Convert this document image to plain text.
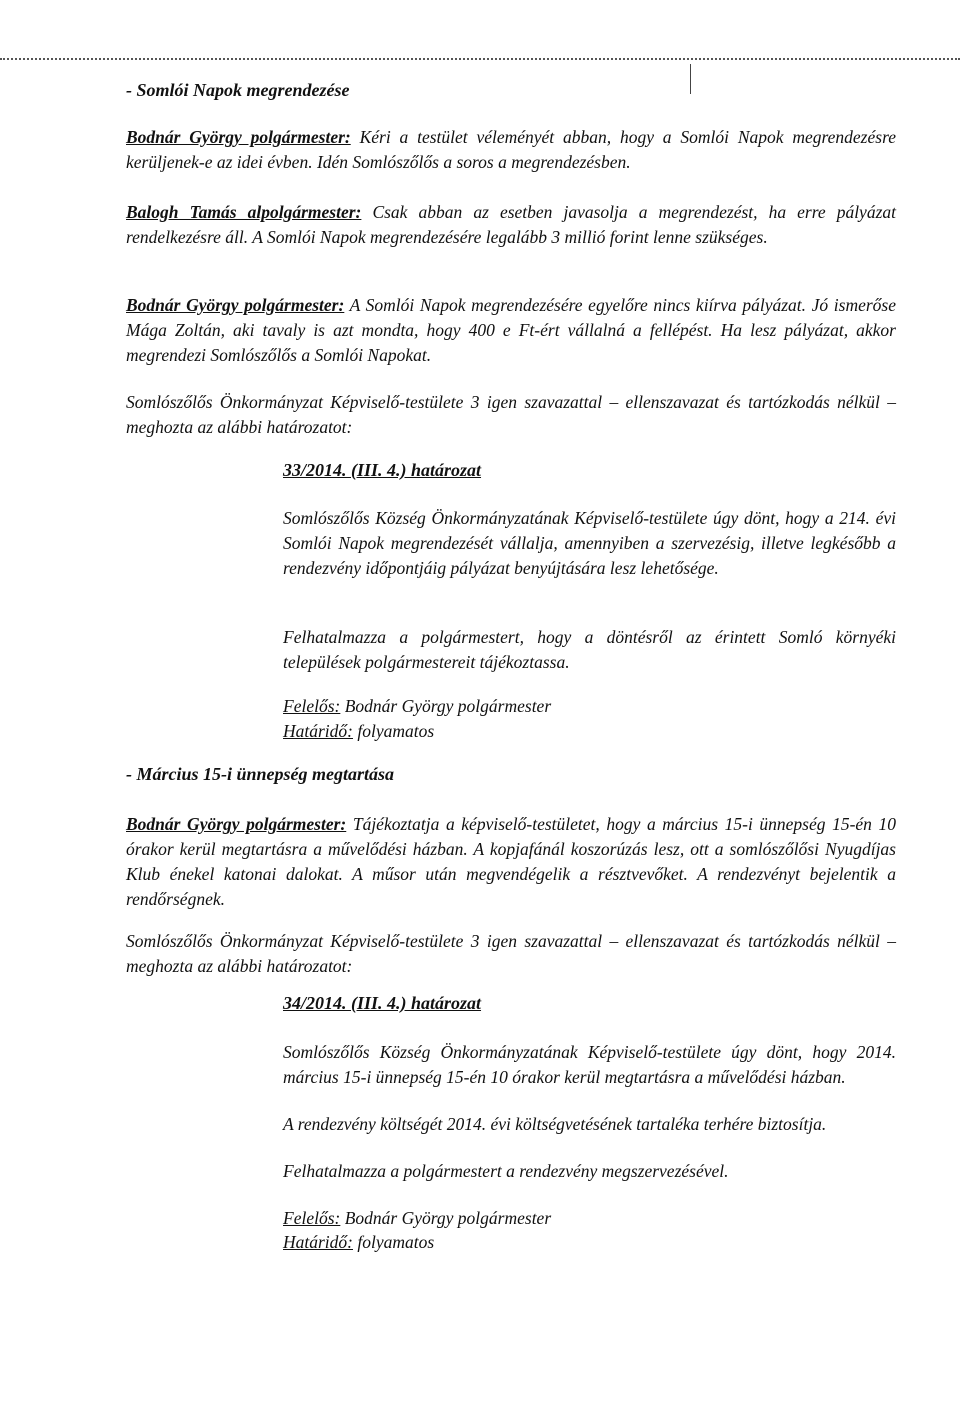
- Somlói Napok megrendezése
Bodnár György polgármester: Kéri a testület véleményét abban, hogy a Somlói Napok megrendezésre kerüljenek-e az idei évben. Idén Somlószőlős a soros a megrendezésben.
Balogh Tamás alpolgármester: Csak abban az esetben javasolja a megrendezést, ha erre pályázat rendelkezésre áll. A Somlói Napok megrendezésére legalább 3 millió forint lenne szükséges.
Bodnár György polgármester: A Somlói Napok megrendezésére egyelőre nincs kiírva pályázat. Jó ismerőse Mága Zoltán, aki tavaly is azt mondta, hogy 400 e Ft-ért vállalná a fellépést. Ha lesz pályázat, akkor megrendezi Somlószőlős a Somlói Napokat.
Somlószőlős Önkormányzat Képviselő-testülete 3 igen szavazattal – ellenszavazat és tartózkodás nélkül – meghozta az alábbi határozatot:
33/2014. (III. 4.) határozat
Somlószőlős Község Önkormányzatának Képviselő-testülete úgy dönt, hogy a 214. évi Somlói Napok megrendezését vállalja, amennyiben a szervezésig, illetve legkésőbb a rendezvény időpontjáig pályázat benyújtására lesz lehetősége.
Felhatalmazza a polgármestert, hogy a döntésről az érintett Somló környéki települések polgármestereit tájékoztassa.
Felelős: Bodnár György polgármester
Határidő: folyamatos
- Március 15-i ünnepség megtartása
Bodnár György polgármester: Tájékoztatja a képviselő-testületet, hogy a március 15-i ünnepség 15-én 10 órakor kerül megtartásra a művelődési házban. A kopjafánál koszorúzás lesz, ott a somlószőlősi Nyugdíjas Klub énekel katonai dalokat. A műsor után megvendégelik a résztvevőket. A rendezvényt bejelentik a rendőrségnek.
Somlószőlős Önkormányzat Képviselő-testülete 3 igen szavazattal – ellenszavazat és tartózkodás nélkül – meghozta az alábbi határozatot:
34/2014. (III. 4.) határozat
Somlószőlős Község Önkormányzatának Képviselő-testülete úgy dönt, hogy 2014. március 15-i ünnepség 15-én 10 órakor kerül megtartásra a művelődési házban.
A rendezvény költségét 2014. évi költségvetésének tartaléka terhére biztosítja.
Felhatalmazza a polgármestert a rendezvény megszervezésével.
Felelős: Bodnár György polgármester
Határidő: folyamatos
